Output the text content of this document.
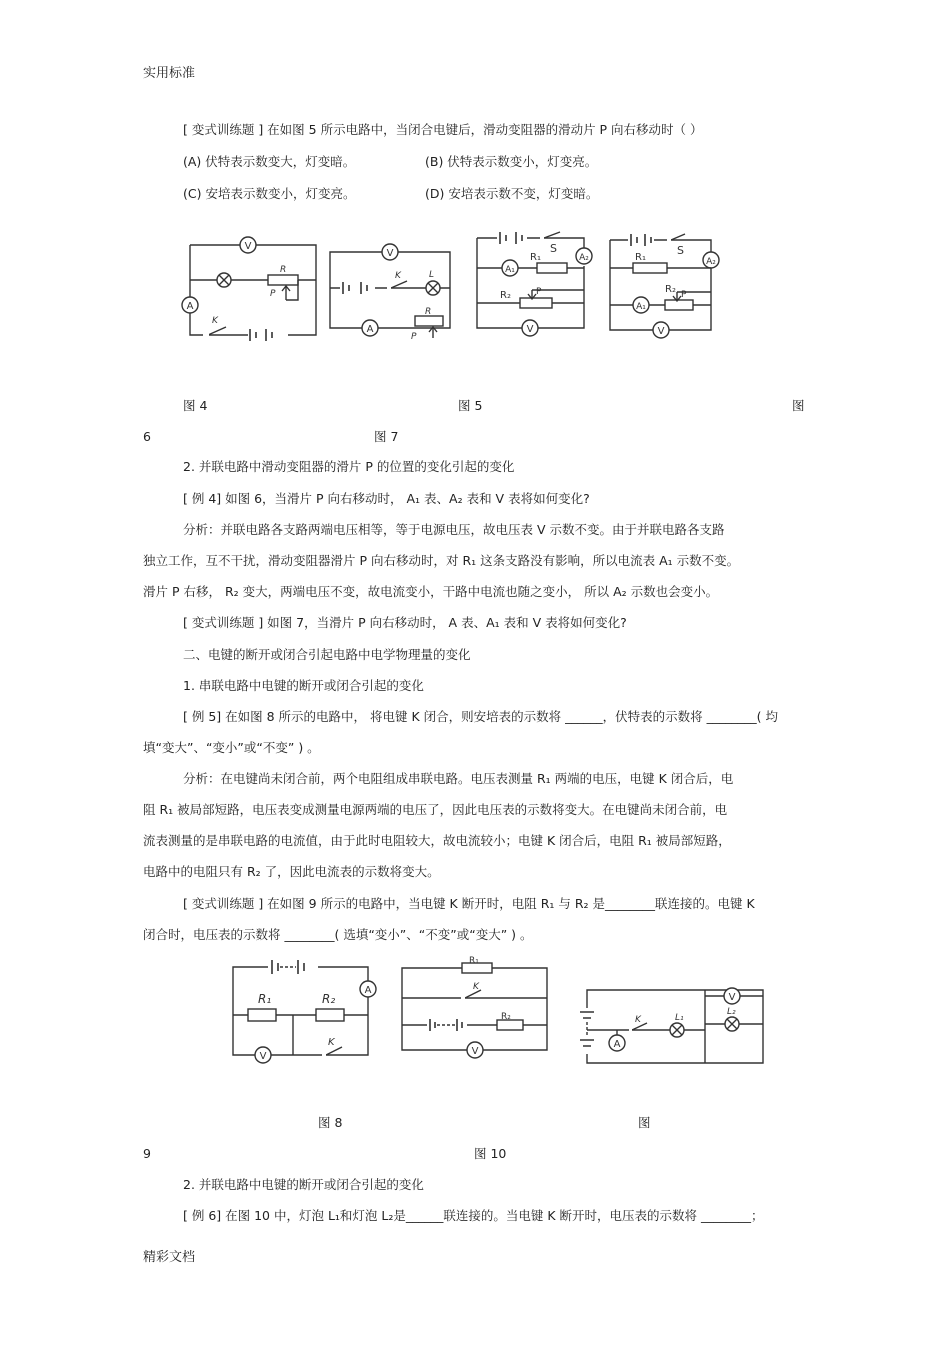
实用标准
[ 变式训练题 ] 在如图 5 所示电路中，当闭合电键后，滑动变阻器的滑动片 P 向右移动时（ ）
(A) 伏特表示数变大，灯变暗。	(B) 伏特表示数变小，灯变亮。
(C) 安培表示数变小，灯变亮。	(D) 安培表示数不变，灯变暗。
V
R
P
A
K
V
K	L
A
R
P
S
A₂
A₁
R₁
R₂	P
V
S
A₂
R₁
A₁
R₂ P
V
图 4	图 5	图
6	图 7
2. 并联电路中滑动变阻器的滑片 P 的位置的变化引起的变化
[ 例 4] 如图 6，当滑片 P 向右移动时， A₁ 表、A₂ 表和 V 表将如何变化?
分析：并联电路各支路两端电压相等，等于电源电压，故电压表 V 示数不变。由于并联电路各支路
独立工作，互不干扰，滑动变阻器滑片 P 向右移动时，对 R₁ 这条支路没有影响，所以电流表 A₁ 示数不变。
滑片 P 右移， R₂ 变大，两端电压不变，故电流变小，干路中电流也随之变小， 所以 A₂ 示数也会变小。
[ 变式训练题 ] 如图 7，当滑片 P 向右移动时， A 表、A₁ 表和 V 表将如何变化?
二、电键的断开或闭合引起电路中电学物理量的变化
1. 串联电路中电键的断开或闭合引起的变化
[ 例 5] 在如图 8 所示的电路中， 将电键 K 闭合，则安培表的示数将 ______，伏特表的示数将 ________( 均
填“变大”、“变小”或“不变” ) 。
分析：在电键尚未闭合前，两个电阻组成串联电路。电压表测量 R₁ 两端的电压，电键 K 闭合后，电
阻 R₁ 被局部短路，电压表变成测量电源两端的电压了，因此电压表的示数将变大。在电键尚未闭合前，电
流表测量的是串联电路的电流值，由于此时电阻较大，故电流较小；电键 K 闭合后，电阻 R₁ 被局部短路，
电路中的电阻只有 R₂ 了，因此电流表的示数将变大。
[ 变式训练题 ] 在如图 9 所示的电路中，当电键 K 断开时，电阻 R₁ 与 R₂ 是________联连接的。电键 K
闭合时，电压表的示数将 ________( 选填“变小”、“不变”或“变大” ) 。
A
R₁	R₂
V
K
R₁
K
R₂
V
V
A
K	L₁
L₂
图 8	图
9	图 10
2. 并联电路中电键的断开或闭合引起的变化
[ 例 6] 在图 10 中，灯泡 L₁和灯泡 L₂是______联连接的。当电键 K 断开时，电压表的示数将 ________；
精彩文档
